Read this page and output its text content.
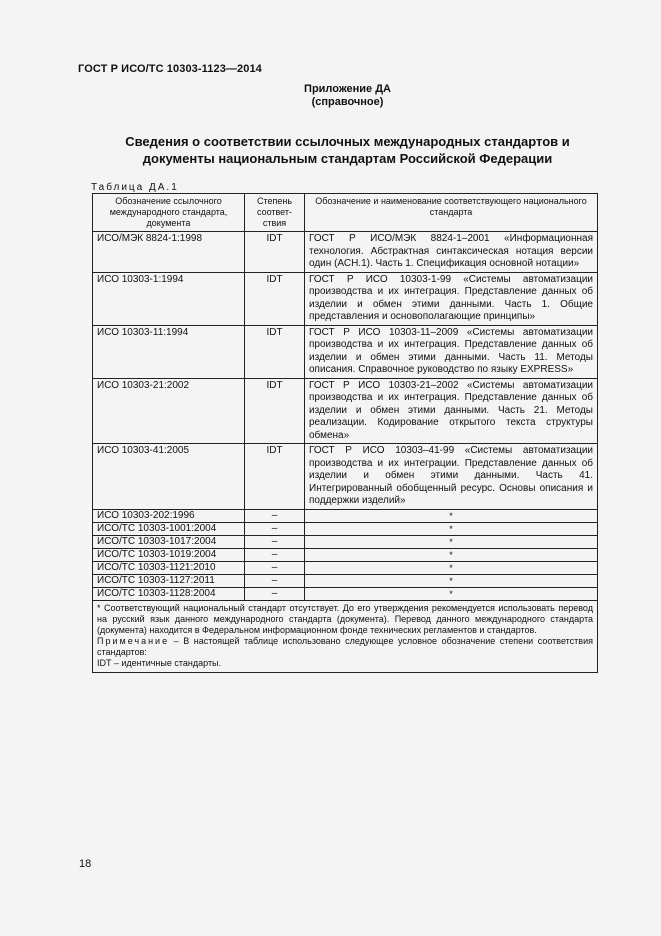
ГОСТ Р ИСО/ТС 10303-1123—2014
Приложение ДА
(справочное)
Сведения о соответствии ссылочных международных стандартов и
документы национальным стандартам Российской Федерации
Таблица ДА.1
Обозначение ссылочного международного стандарта, документа	Степень соответствия	Обозначение и наименование соответствующего национального стандарта
ИСО/МЭК 8824-1:1998	IDT	ГОСТ Р ИСО/МЭК 8824-1–2001 «Информационная технология. Абстрактная синтаксическая нотация версии один (АСН.1). Часть 1. Спецификация основной нотации»
ИСО 10303-1:1994	IDT	ГОСТ Р ИСО 10303-1-99 «Системы автоматизации производства и их интеграция. Представление данных об изделии и обмен этими данными. Часть 1. Общие представления и основополагающие принципы»
ИСО 10303-11:1994	IDT	ГОСТ Р ИСО 10303-11–2009 «Системы автоматизации производства и их интеграция. Представление данных об изделии и обмен этими данными. Часть 11. Методы описания. Справочное руководство по языку EXPRESS»
ИСО 10303-21:2002	IDT	ГОСТ Р ИСО 10303-21–2002 «Системы автоматизации производства и их интеграция. Представление данных об изделии и обмен этими данными. Часть 21. Методы реализации. Кодирование открытого текста структуры обмена»
ИСО 10303-41:2005	IDT	ГОСТ Р ИСО 10303–41-99 «Системы автоматизации производства и их интеграции. Представление данных об изделии и обмен этими данными. Часть 41. Интегрированный обобщенный ресурс. Основы описания и поддержки изделий»
ИСО 10303-202:1996	–	*
ИСО/ТС 10303-1001:2004	–	*
ИСО/ТС 10303-1017:2004	–	*
ИСО/ТС 10303-1019:2004	–	*
ИСО/ТС 10303-1121:2010	–	*
ИСО/ТС 10303-1127:2011	–	*
ИСО/ТС 10303-1128:2004	–	*

* Соответствующий национальный стандарт отсутствует. До его утверждения рекомендуется использовать перевод на русский язык данного международного стандарта (документа). Перевод данного международного стандарта (документа) находится в Федеральном информационном фонде технических регламентов и стандартов.

Примечание – В настоящей таблице использовано следующее условное обозначение степени соответствия стандартов:

IDT – идентичные стандарты.		

18
